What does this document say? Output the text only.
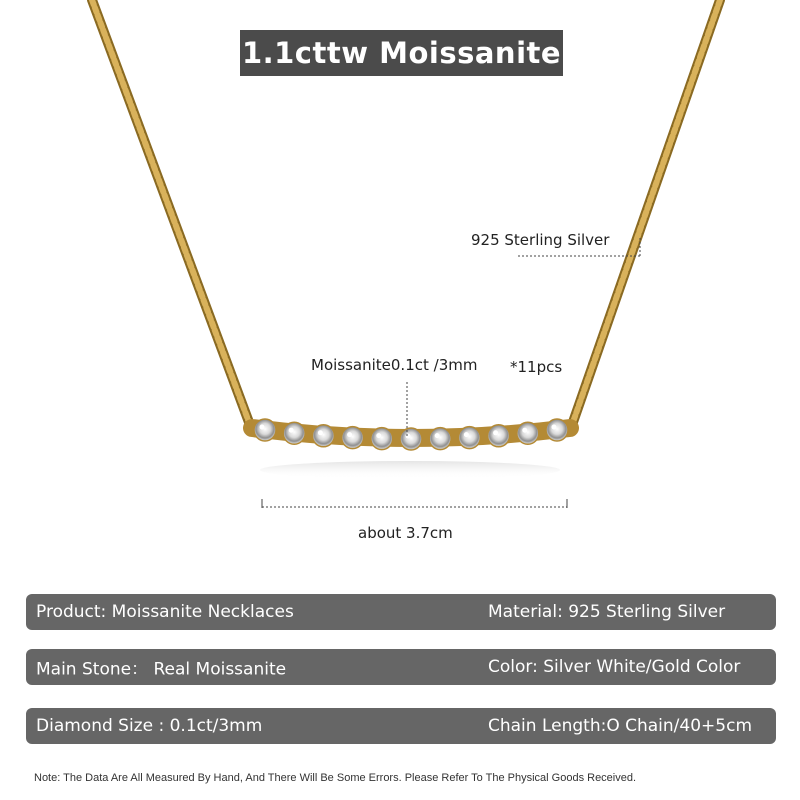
1.1cttw Moissanite
925 Sterling Silver
Moissanite0.1ct /3mm *11pcs
about 3.7cm
Product: Moissanite Necklaces	Material: 925 Sterling Silver
Main Stone： Real Moissanite	Color: Silver White/Gold Color
Diamond Size : 0.1ct/3mm	Chain Length:O Chain/40+5cm
Note: The Data Are All Measured By Hand, And There Will Be Some Errors. Please Refer To The Physical Goods Received.
